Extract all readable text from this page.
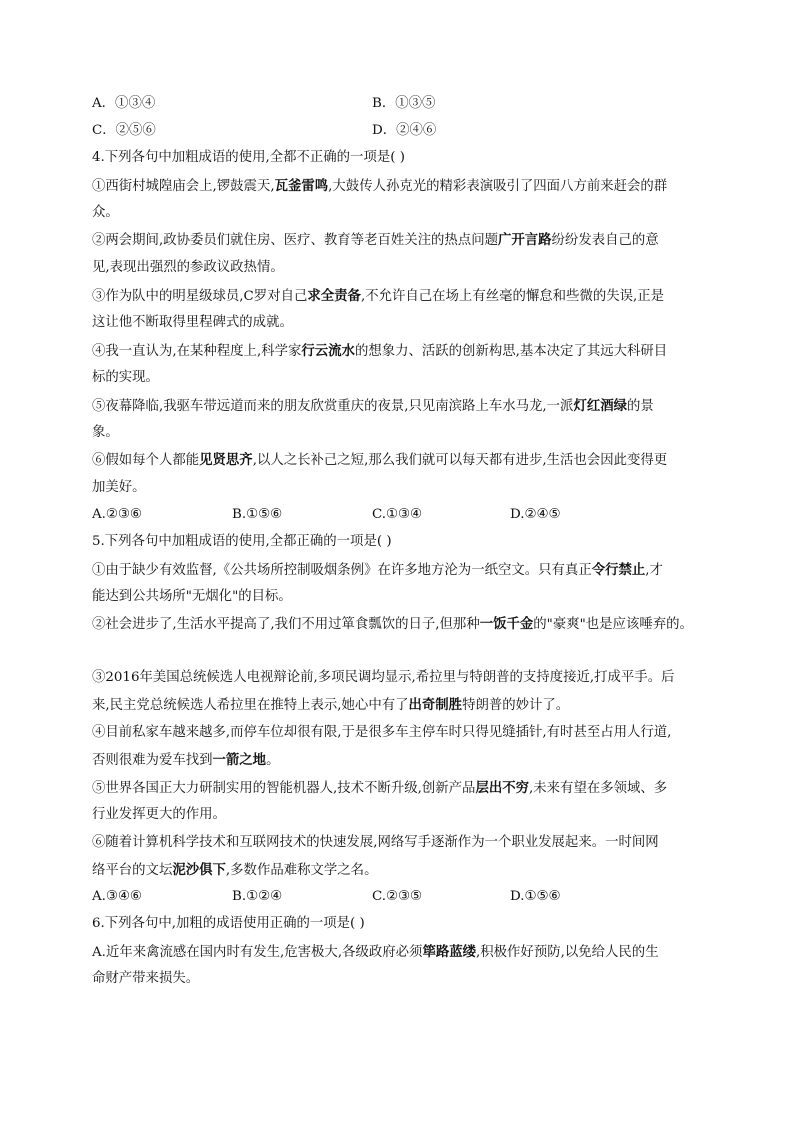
A．①③④	B．①③⑤
C．②⑤⑥	D．②④⑥
4.下列各句中加粗成语的使用,全都不正确的一项是( )
①西街村城隍庙会上,锣鼓震天,瓦釜雷鸣,大鼓传人孙克光的精彩表演吸引了四面八方前来赶会的群
众。
②两会期间,政协委员们就住房、医疗、教育等老百姓关注的热点问题广开言路纷纷发表自己的意
见,表现出强烈的参政议政热情。
③作为队中的明星级球员,C罗对自己求全责备,不允许自己在场上有丝毫的懈怠和些微的失误,正是
这让他不断取得里程碑式的成就。
④我一直认为,在某种程度上,科学家行云流水的想象力、活跃的创新构思,基本决定了其远大科研目
标的实现。
⑤夜幕降临,我驱车带远道而来的朋友欣赏重庆的夜景,只见南滨路上车水马龙,一派灯红酒绿的景
象。
⑥假如每个人都能见贤思齐,以人之长补己之短,那么我们就可以每天都有进步,生活也会因此变得更
加美好。
A.②③⑥	B.①⑤⑥	C.①③④	D.②④⑤
5.下列各句中加粗成语的使用,全都正确的一项是( )
①由于缺少有效监督,《公共场所控制吸烟条例》在许多地方沦为一纸空文。只有真正令行禁止,才
能达到公共场所"无烟化"的目标。
②社会进步了,生活水平提高了,我们不用过箪食瓢饮的日子,但那种一饭千金的"豪爽"也是应该唾弃的。
③2016年美国总统候选人电视辩论前,多项民调均显示,希拉里与特朗普的支持度接近,打成平手。后
来,民主党总统候选人希拉里在推特上表示,她心中有了出奇制胜特朗普的妙计了。
④目前私家车越来越多,而停车位却很有限,于是很多车主停车时只得见缝插针,有时甚至占用人行道,
否则很难为爱车找到一箭之地。
⑤世界各国正大力研制实用的智能机器人,技术不断升级,创新产品层出不穷,未来有望在多领域、多
行业发挥更大的作用。
⑥随着计算机科学技术和互联网技术的快速发展,网络写手逐渐作为一个职业发展起来。一时间网
络平台的文坛泥沙俱下,多数作品难称文学之名。
A.③④⑥	B.①②④	C.②③⑤	D.①⑤⑥
6.下列各句中,加粗的成语使用正确的一项是( )
A.近年来禽流感在国内时有发生,危害极大,各级政府必须筚路蓝缕,积极作好预防,以免给人民的生
命财产带来损失。
